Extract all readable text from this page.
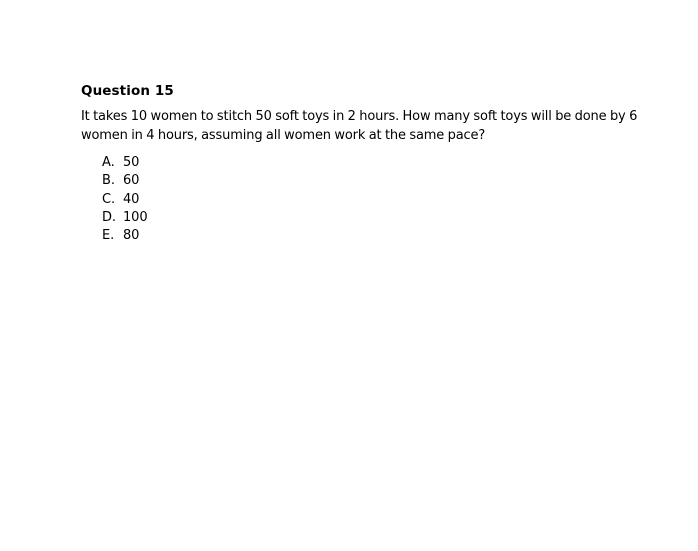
Question 15
It takes 10 women to stitch 50 soft toys in 2 hours. How many soft toys will be done by 6 women in 4 hours, assuming all women work at the same pace?
A. 50
B. 60
C. 40
D. 100
E. 80
